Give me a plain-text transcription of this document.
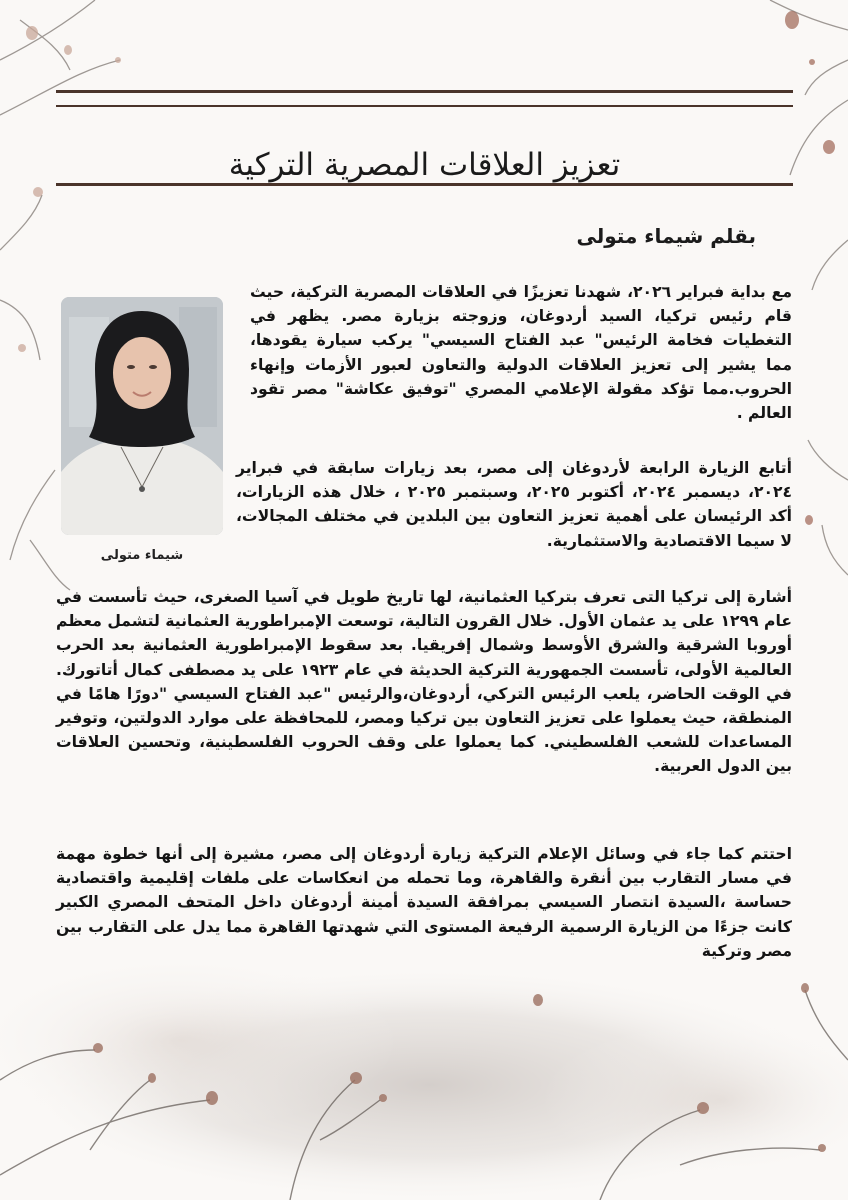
تعزيز العلاقات المصرية التركية
بقلم شيماء متولى
شيماء متولى

مع بداية فبراير ٢٠٢٦، شهدنا تعزيزًا في العلاقات المصرية التركية، حيث قام رئيس تركيا، السيد أردوغان، وزوجته بزيارة مصر. يظهر في التغطيات فخامة الرئيس" عبد الفتاح السيسي" يركب سيارة يقودها، مما يشير إلى تعزيز العلاقات الدولية والتعاون لعبور الأزمات وإنهاء الحروب.مما تؤكد مقولة الإعلامي المصري "توفيق عكاشة" مصر تقود العالم .

أتابع الزيارة الرابعة لأردوغان إلى مصر، بعد زيارات سابقة في فبراير ٢٠٢٤، ديسمبر ٢٠٢٤، أكتوبر ٢٠٢٥، وسبتمبر ٢٠٢٥ ، خلال هذه الزيارات، أكد الرئيسان على أهمية تعزيز التعاون بين البلدين في مختلف المجالات، لا سيما الاقتصادية والاستثمارية.

أشارة إلى تركيا التى تعرف بتركيا العثمانية، لها تاريخ طويل في آسيا الصغرى، حيث تأسست في عام ١٢٩٩ على يد عثمان الأول. خلال القرون التالية، توسعت الإمبراطورية العثمانية لتشمل معظم أوروبا الشرقية والشرق الأوسط وشمال إفريقيا. بعد سقوط الإمبراطورية العثمانية بعد الحرب العالمية الأولى، تأسست الجمهورية التركية الحديثة في عام ١٩٢٣ على يد مصطفى كمال أتاتورك. في الوقت الحاضر، يلعب الرئيس التركي، أردوغان،والرئيس "عبد الفتاح السيسي "دورًا هامًا في المنطقة، حيث يعملوا على تعزيز التعاون بين تركيا ومصر، للمحافظة على موارد الدولتين، وتوفير المساعدات للشعب الفلسطيني. كما يعملوا على وقف الحروب الفلسطينية، وتحسين العلاقات بين الدول العربية.

احتتم كما جاء في وسائل الإعلام التركية زيارة أردوغان إلى مصر، مشيرة إلى أنها خطوة مهمة في مسار التقارب بين أنقرة والقاهرة، وما تحمله من انعكاسات على ملفات إقليمية واقتصادية حساسة ،السيدة انتصار السيسي بمرافقة السيدة أمينة أردوغان داخل المتحف المصري الكبير كانت جزءًا من الزيارة الرسمية الرفيعة المستوى التي شهدتها القاهرة مما يدل على التقارب بين مصر وتركية
